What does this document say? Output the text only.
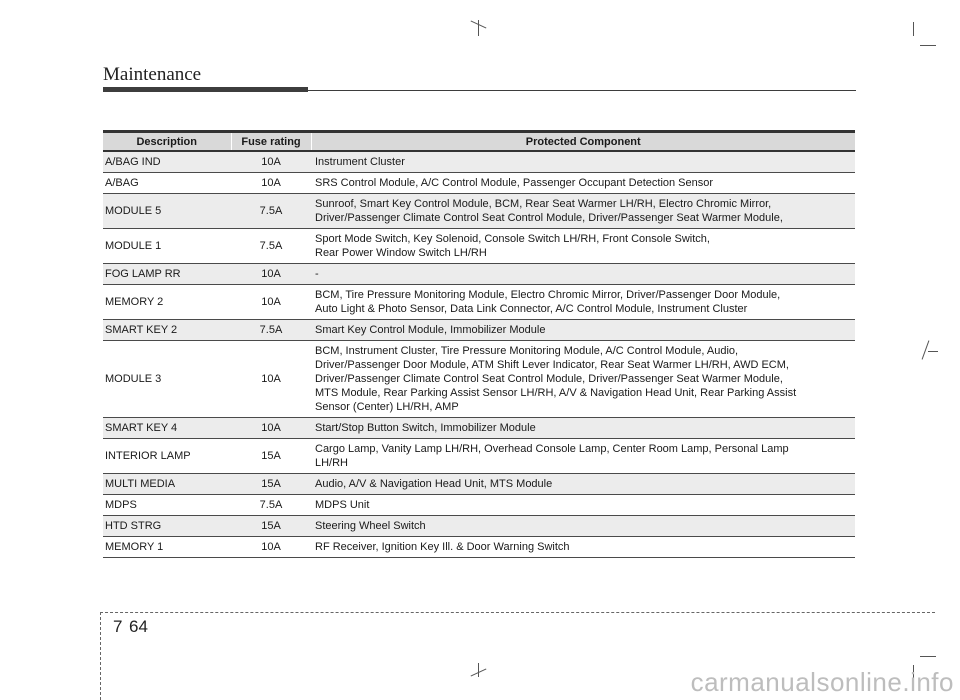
Maintenance
Description	Fuse rating	Protected Component
A/BAG IND	10A	Instrument Cluster
A/BAG	10A	SRS Control Module, A/C Control Module, Passenger Occupant Detection Sensor
MODULE 5	7.5A	Sunroof, Smart Key Control Module, BCM, Rear Seat Warmer LH/RH, Electro Chromic Mirror,
Driver/Passenger Climate Control Seat Control Module, Driver/Passenger Seat Warmer Module,
MODULE 1	7.5A	Sport Mode Switch, Key Solenoid, Console Switch LH/RH, Front Console Switch,
Rear Power Window Switch LH/RH
FOG LAMP RR	10A	-
MEMORY 2	10A	BCM, Tire Pressure Monitoring Module, Electro Chromic Mirror, Driver/Passenger Door Module,
Auto Light & Photo Sensor, Data Link Connector, A/C Control Module, Instrument Cluster
SMART KEY 2	7.5A	Smart Key Control Module, Immobilizer Module
MODULE 3	10A	BCM, Instrument Cluster, Tire Pressure Monitoring Module, A/C Control Module, Audio,
Driver/Passenger Door Module, ATM Shift Lever Indicator, Rear Seat Warmer LH/RH, AWD ECM,
Driver/Passenger Climate Control Seat Control Module, Driver/Passenger Seat Warmer Module,
MTS Module, Rear Parking Assist Sensor LH/RH, A/V & Navigation Head Unit, Rear Parking Assist
Sensor (Center) LH/RH, AMP
SMART KEY 4	10A	Start/Stop Button Switch, Immobilizer Module
INTERIOR LAMP	15A	Cargo Lamp, Vanity Lamp LH/RH, Overhead Console Lamp, Center Room Lamp, Personal Lamp
LH/RH
MULTI MEDIA	15A	Audio, A/V & Navigation Head Unit, MTS Module
MDPS	7.5A	MDPS Unit
HTD STRG	15A	Steering Wheel Switch
MEMORY 1	10A	RF Receiver, Ignition Key Ill. & Door Warning Switch
7 64
carmanualsonline.info
